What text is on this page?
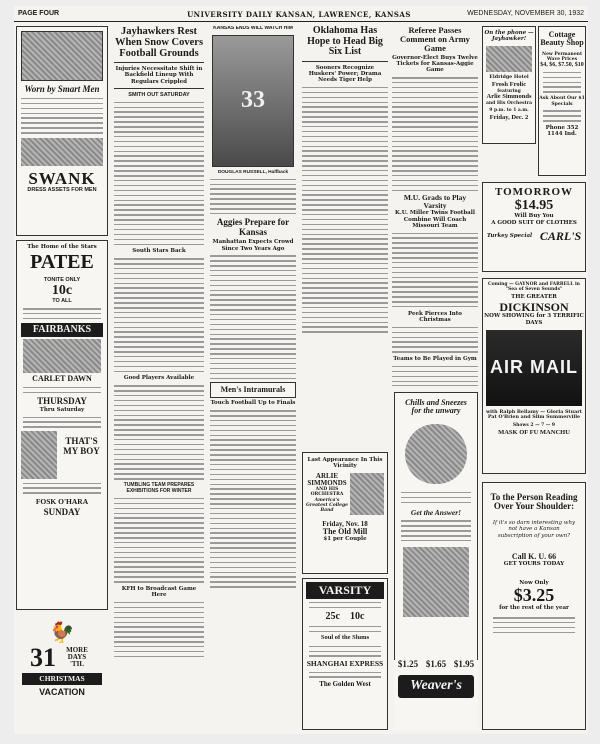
PAGE FOUR	UNIVERSITY DAILY KANSAN, LAWRENCE, KANSAS	WEDNESDAY, NOVEMBER 30, 1932
Worn by Smart Men
SWANK
DRESS ASSETS FOR MEN
The Home of the Stars
PATEE
TONITE ONLY
10c
TO ALL
FAIRBANKS
CARLET DAWN
THURSDAY
Thru Saturday
THAT'S MY BOY
FOSK O'HARA
SUNDAY
🐓
31	MORE DAYS 'TIL
CHRISTMAS
VACATION
Jayhawkers Rest When Snow Covers Football Grounds
Injuries Necessitate Shift in Backfield Lineup With Regulars Crippled
SMITH OUT SATURDAY
South Stars Back
Good Players Available
TUMBLING TEAM PREPARES EXHIBITIONS FOR WINTER
KFH to Broadcast Game Here
KANSAS ENDS WILL WATCH HIM
33
DOUGLAS RUSSELL, Halfback
Aggies Prepare for Kansas
Manhattan Expects Crowd Since Two Years Ago
Men's Intramurals
Touch Football Up to Finals
Oklahoma Has Hope to Head Big Six List
Sooners Recognize Huskers' Power; Drama Needs Tiger Help
Referee Passes Comment on Army Game
Governor-Elect Buys Twelve Tickets for Kansas-Aggie Game
M.U. Grads to Play Varsity
K.U. Miller Twins Football Combine Will Coach Missouri Team
Peek Pierces Into Christmas
Teams to Be Played in Gym
Last Appearance In This Vicinity
ARLIE SIMMONDS
AND HIS ORCHESTRA
America's Greatest College Band
Friday, Nov. 18
The Old Mill
$1 per Couple
VARSITY
25c 10c
Soul of the Slums
SHANGHAI EXPRESS
The Golden West
Chills and Sneezes for the unwary
Get the Answer!
$1.25 $1.65 $1.95
Weaver's
On the phone — Jayhawker!
Eldridge Hotel
Frosh Frolic
featuring
Arlie Simmonds
and His Orchestra
9 p.m. to 1 a.m.
Friday, Dec. 2
Cottage Beauty Shop
New Permanent Wave Prices
$4, $6, $7.50, $10
Ask About Our $1 Specials
Phone 352
1144 Ind.
TOMORROW
$14.95
Will Buy You
A GOOD SUIT OF CLOTHES
Turkey Special CARL'S
Coming — GAYNOR and FARRELL in "Sea of Seven Sounds"
THE GREATER
DICKINSON
NOW SHOWING for 3 TERRIFIC DAYS
AIR MAIL
with Ralph Bellamy — Gloria Stuart
Pat O'Brien and Slim Summerville
Shows 2 — 7 — 9
MASK OF FU MANCHU
To the Person Reading Over Your Shoulder:
If it's so darn interesting why not have a Kansan subscription of your own?
Call K. U. 66
GET YOURS TODAY
Now Only
$3.25
for the rest of the year
